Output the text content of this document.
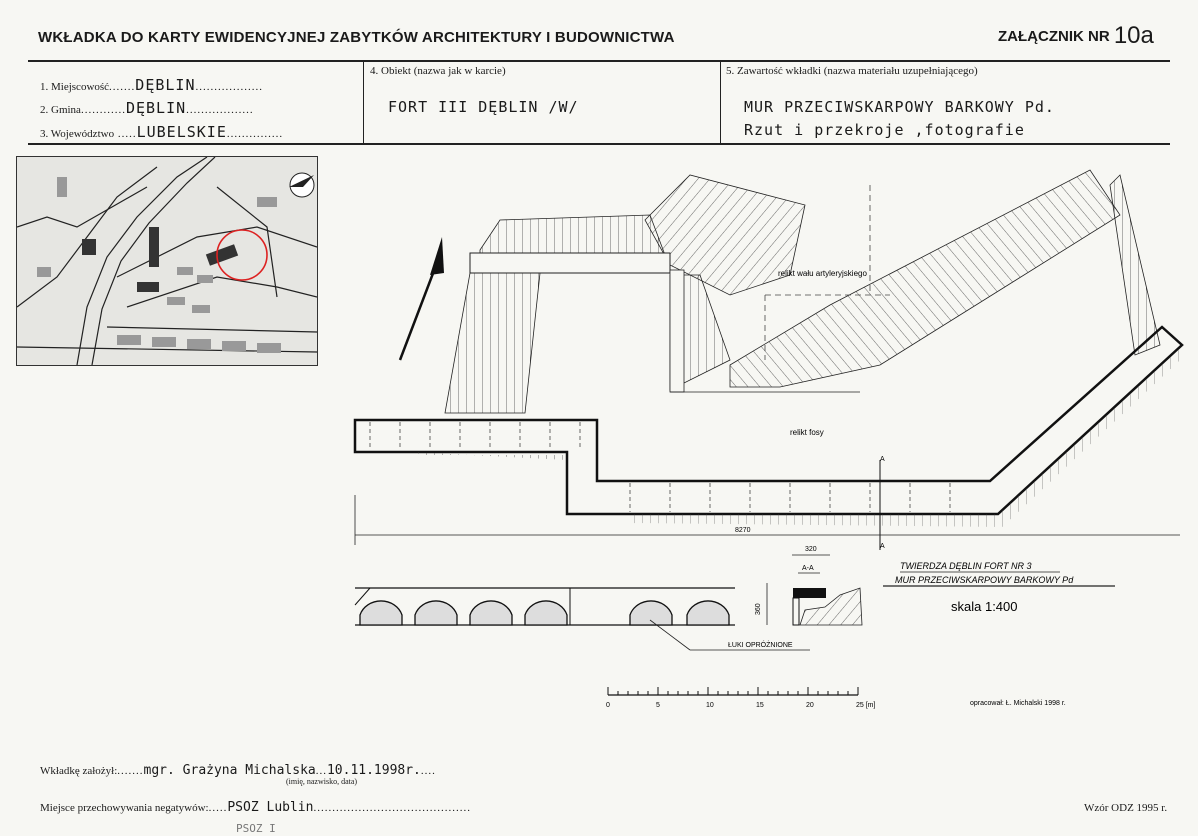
WKŁADKA DO KARTY EWIDENCYJNEJ ZABYTKÓW ARCHITEKTURY I BUDOWNICTWA	ZAŁĄCZNIK NR 10a
1. Miejscowość.......DĘBLIN..................
2. Gmina............DĘBLIN..................
3. Województwo .....LUBELSKIE...............
4. Obiekt (nazwa jak w karcie)
FORT III DĘBLIN /W/
5. Zawartość wkładki (nazwa materiału uzupełniającego)
MUR PRZECIWSKARPOWY BARKOWY Pd.
Rzut i przekroje ,fotografie
relikt wału artyleryjskiego
relikt fosy
A
A
8270
ŁUKI OPRÓŻNIONE
320
A-A
360
TWIERDZA DĘBLIN FORT NR 3
MUR PRZECIWSKARPOWY BARKOWY Pd
skala 1:400
0	5	10	15	20	25 [m]	opracował: Ł. Michalski 1998 r.
Wkładkę założył:.......mgr. Grażyna Michalska...10.11.1998r.....
(imię, nazwisko, data)
Miejsce przechowywania negatywów:.....PSOZ Lublin..........................................
PSOZ I
Wzór ODZ 1995 r.
